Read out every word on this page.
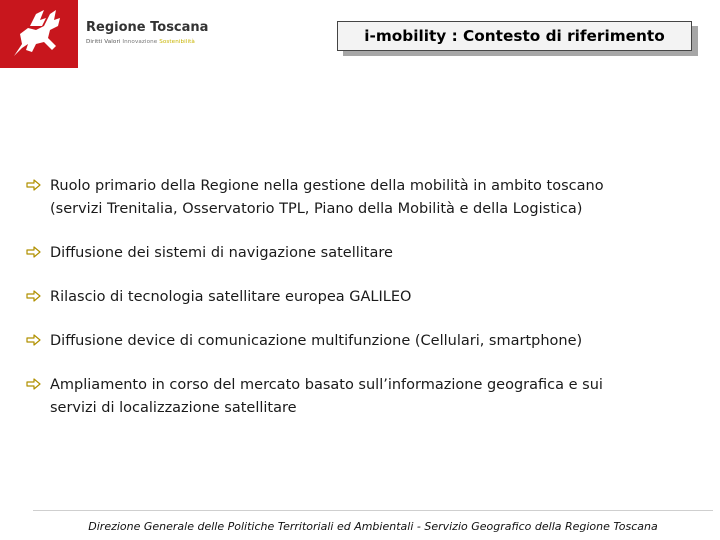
Regione Toscana
Diritti Valori Innovazione Sostenibilità	i-mobility : Contesto di riferimento
Ruolo primario della Regione nella gestione della mobilità in ambito toscano
(servizi Trenitalia, Osservatorio TPL, Piano della Mobilità e della Logistica)
Diffusione dei sistemi di navigazione satellitare
Rilascio di tecnologia satellitare europea GALILEO
Diffusione device di comunicazione multifunzione (Cellulari, smartphone)
Ampliamento in corso del mercato basato sull’informazione geografica e sui
servizi di localizzazione satellitare
Direzione Generale delle Politiche Territoriali ed Ambientali - Servizio Geografico della Regione Toscana
